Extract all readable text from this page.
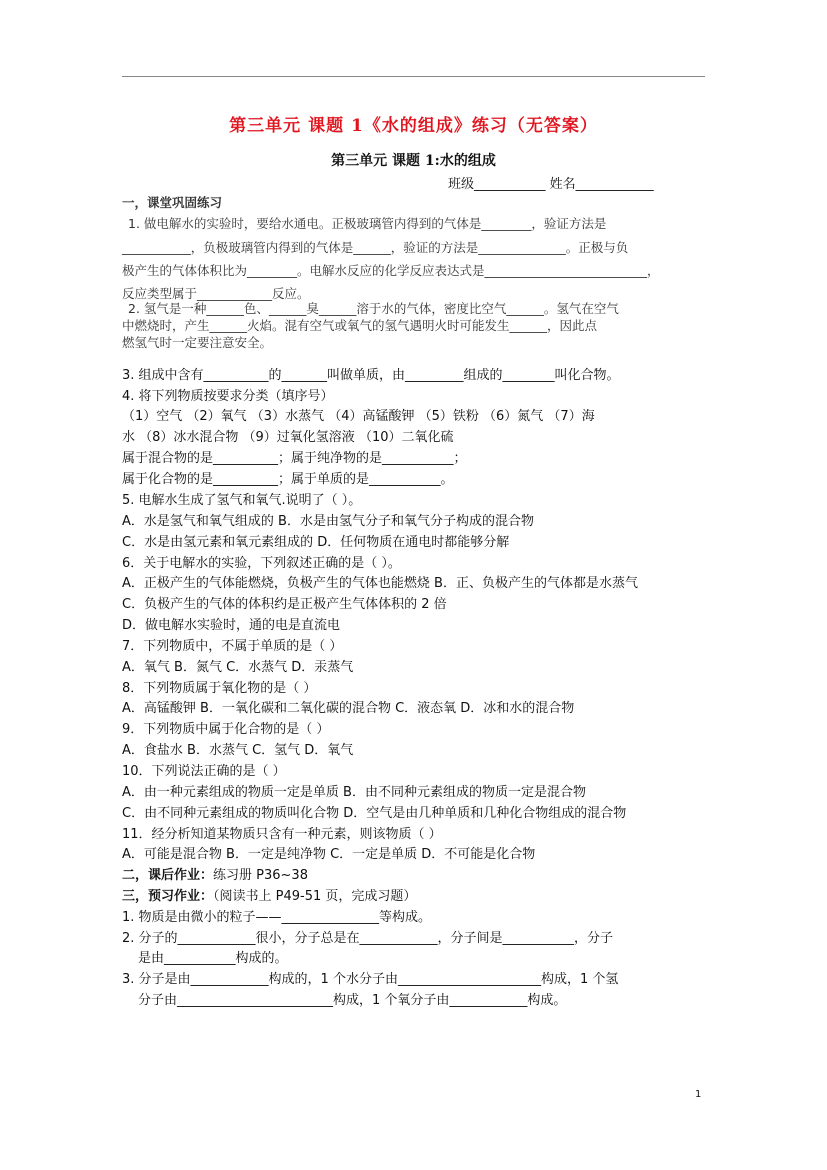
第三单元 课题 1《水的组成》练习（无答案）
第三单元 课题 1:水的组成
班级___________ 姓名____________
一，课堂巩固练习
1. 做电解水的实验时，要给水通电。正极玻璃管内得到的气体是________，验证方法是
___________，负极玻璃管内得到的气体是______，验证的方法是______________。正极与负
极产生的气体体积比为________。电解水反应的化学反应表达式是__________________________，
反应类型属于____________反应。
2. 氢气是一种______色、______臭______溶于水的气体，密度比空气______。氢气在空气
中燃烧时，产生______火焰。混有空气或氧气的氢气遇明火时可能发生______，因此点
燃氢气时一定要注意安全。
3. 组成中含有__________的_______叫做单质，由_________组成的________叫化合物。
4. 将下列物质按要求分类（填序号）
（1）空气 （2）氧气 （3）水蒸气 （4）高锰酸钾 （5）铁粉 （6）氮气 （7）海
水 （8）冰水混合物 （9）过氧化氢溶液 （10）二氧化硫
属于混合物的是__________；属于纯净物的是___________；
属于化合物的是__________；属于单质的是___________。
5. 电解水生成了氢气和氧气.说明了（ ）。
A．水是氢气和氧气组成的 B．水是由氢气分子和氧气分子构成的混合物
C．水是由氢元素和氧元素组成的 D．任何物质在通电时都能够分解
6．关于电解水的实验，下列叙述正确的是（ ）。
A．正极产生的气体能燃烧，负极产生的气体也能燃烧 B．正、负极产生的气体都是水蒸气
C．负极产生的气体的体积约是正极产生气体体积的 2 倍
D．做电解水实验时，通的电是直流电
7．下列物质中，不属于单质的是（ ）
A．氧气 B．氮气 C．水蒸气 D．汞蒸气
8．下列物质属于氧化物的是（ ）
A．高锰酸钾 B．一氧化碳和二氧化碳的混合物 C．液态氧 D．冰和水的混合物
9．下列物质中属于化合物的是（ ）
A．食盐水 B．水蒸气 C．氢气 D．氧气
10．下列说法正确的是（ ）
A．由一种元素组成的物质一定是单质 B．由不同种元素组成的物质一定是混合物
C．由不同种元素组成的物质叫化合物 D．空气是由几种单质和几种化合物组成的混合物
11．经分析知道某物质只含有一种元素，则该物质（ ）
A．可能是混合物 B．一定是纯净物 C．一定是单质 D．不可能是化合物
二，课后作业：练习册 P36~38
三，预习作业：（阅读书上 P49-51 页，完成习题）
1. 物质是由微小的粒子——_______________等构成。
2. 分子的____________很小，分子总是在____________，分子间是___________，分子
是由___________构成的。
3. 分子是由____________构成的，1 个水分子由______________________构成，1 个氢
分子由________________________构成，1 个氧分子由____________构成。
1
